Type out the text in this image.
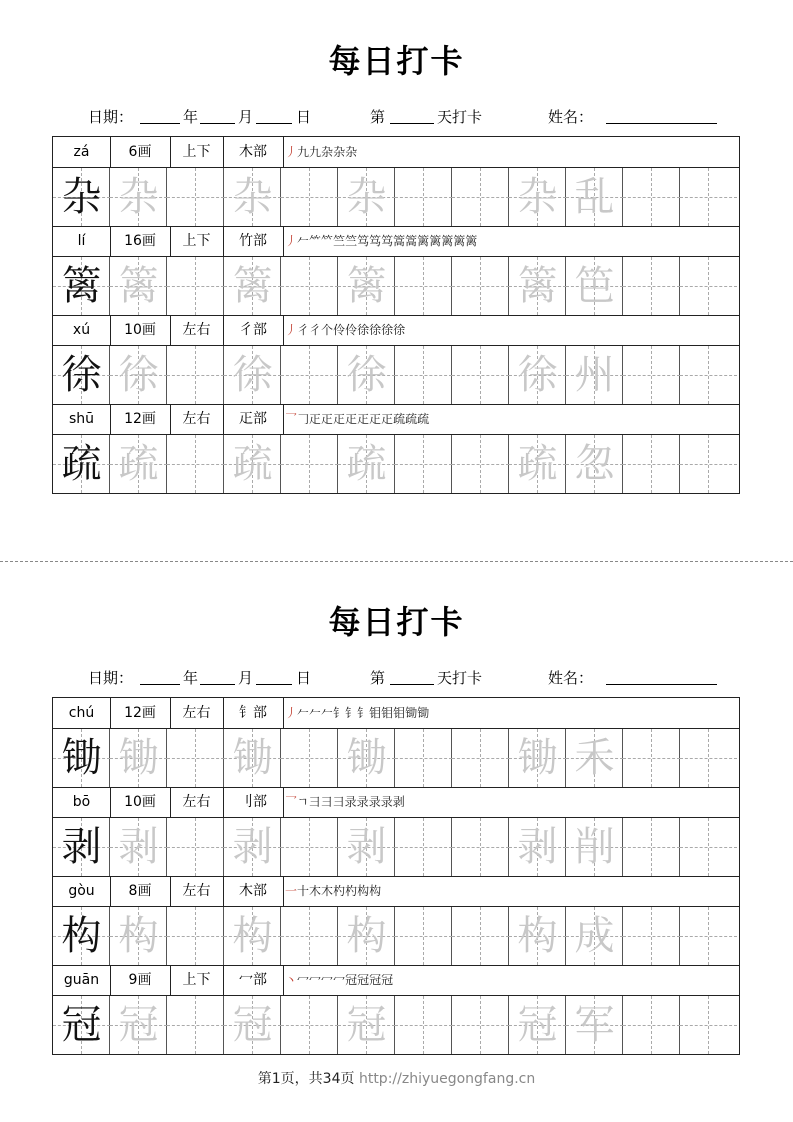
每日打卡
日期：	年	月	日	第	天打卡	姓名：
zá	6画	上下	木部	丿九九杂杂杂
杂 杂 杂 杂	杂 乱
lí	16画	上下	竹部	丿𠂉⺮𥫗竺竺笃笃笃篙篙篱篱篱篱篱
篱 篱 篱 篱	篱 笆
xú	10画	左右	彳部	丿彳彳个伶伶徐徐徐徐
徐 徐 徐 徐	徐 州
shū	12画	左右	𤴓部	乛𠃌𤴓𤴓𤴓𤴓𤴓𤴓𤴓疏疏疏
疏 疏 疏 疏	疏 忽
每日打卡
日期：	年	月	日	第	天打卡	姓名：
chú	12画	左右	钅部	丿𠂉𠂉𠂉钅钅钅钼钼钼锄锄
锄 锄 锄 锄	锄 禾
bō	10画	左右	刂部	乛ㄱ彐彐彐录录录录剥
剥 剥 剥 剥	剥 削
gòu	8画	左右	木部	一十木木杓杓构构
构 构 构 构	构 成
guān	9画	上下	冖部	丶冖冖冖冖冠冠冠冠
冠 冠 冠 冠	冠 军
第1页，共34页 http://zhiyuegongfang.cn
